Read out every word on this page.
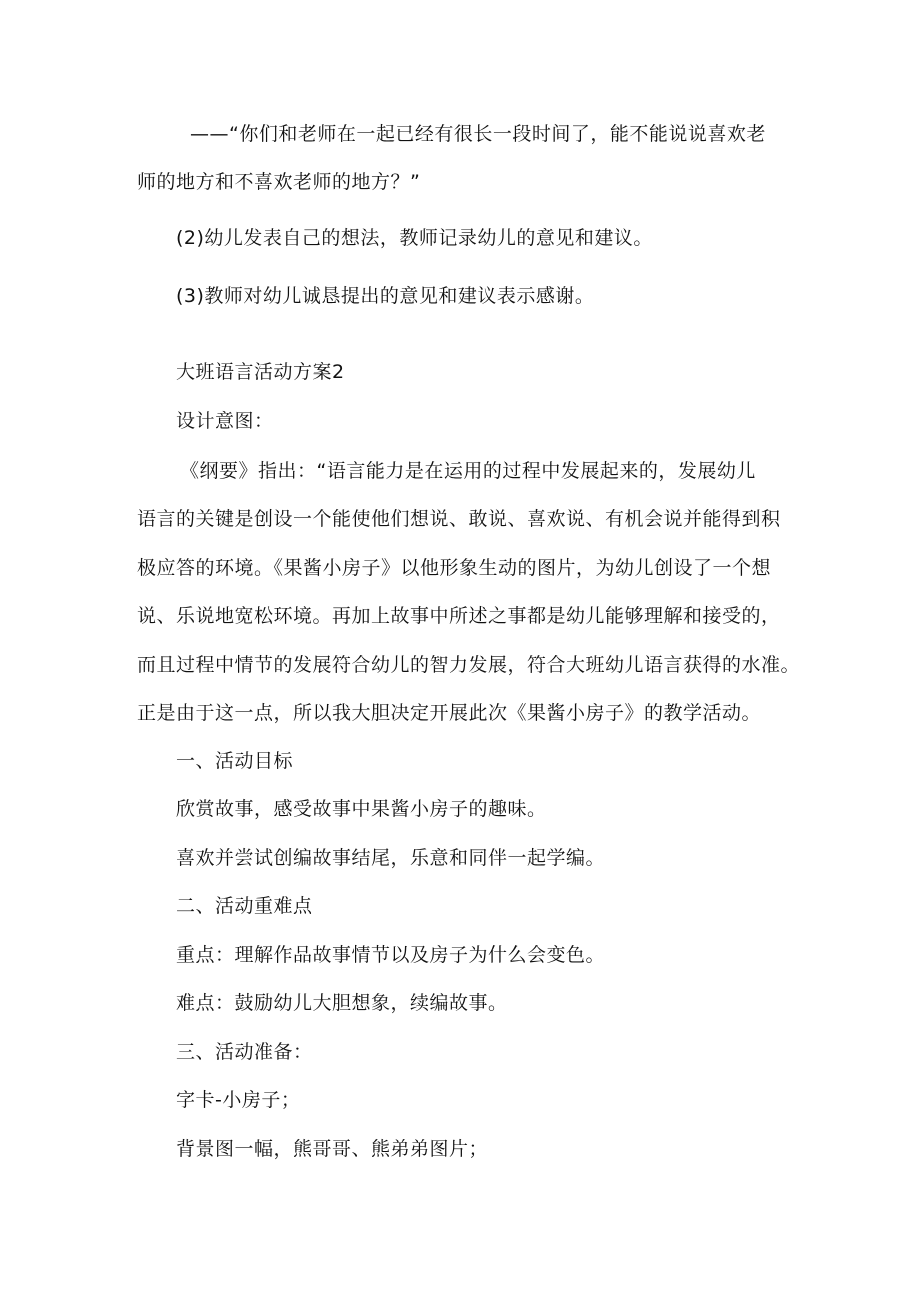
——“你们和老师在一起已经有很长一段时间了，能不能说说喜欢老
师的地方和不喜欢老师的地方？”
(2)幼儿发表自己的想法，教师记录幼儿的意见和建议。
(3)教师对幼儿诚恳提出的意见和建议表示感谢。
大班语言活动方案2
设计意图：
《纲要》指出：“语言能力是在运用的过程中发展起来的，发展幼儿
语言的关键是创设一个能使他们想说、敢说、喜欢说、有机会说并能得到积
极应答的环境。《果酱小房子》以他形象生动的图片，为幼儿创设了一个想
说、乐说地宽松环境。再加上故事中所述之事都是幼儿能够理解和接受的，
而且过程中情节的发展符合幼儿的智力发展，符合大班幼儿语言获得的水准。
正是由于这一点，所以我大胆决定开展此次《果酱小房子》的教学活动。
一、活动目标
欣赏故事，感受故事中果酱小房子的趣味。
喜欢并尝试创编故事结尾，乐意和同伴一起学编。
二、活动重难点
重点：理解作品故事情节以及房子为什么会变色。
难点：鼓励幼儿大胆想象，续编故事。
三、活动准备：
字卡-小房子；
背景图一幅，熊哥哥、熊弟弟图片；
